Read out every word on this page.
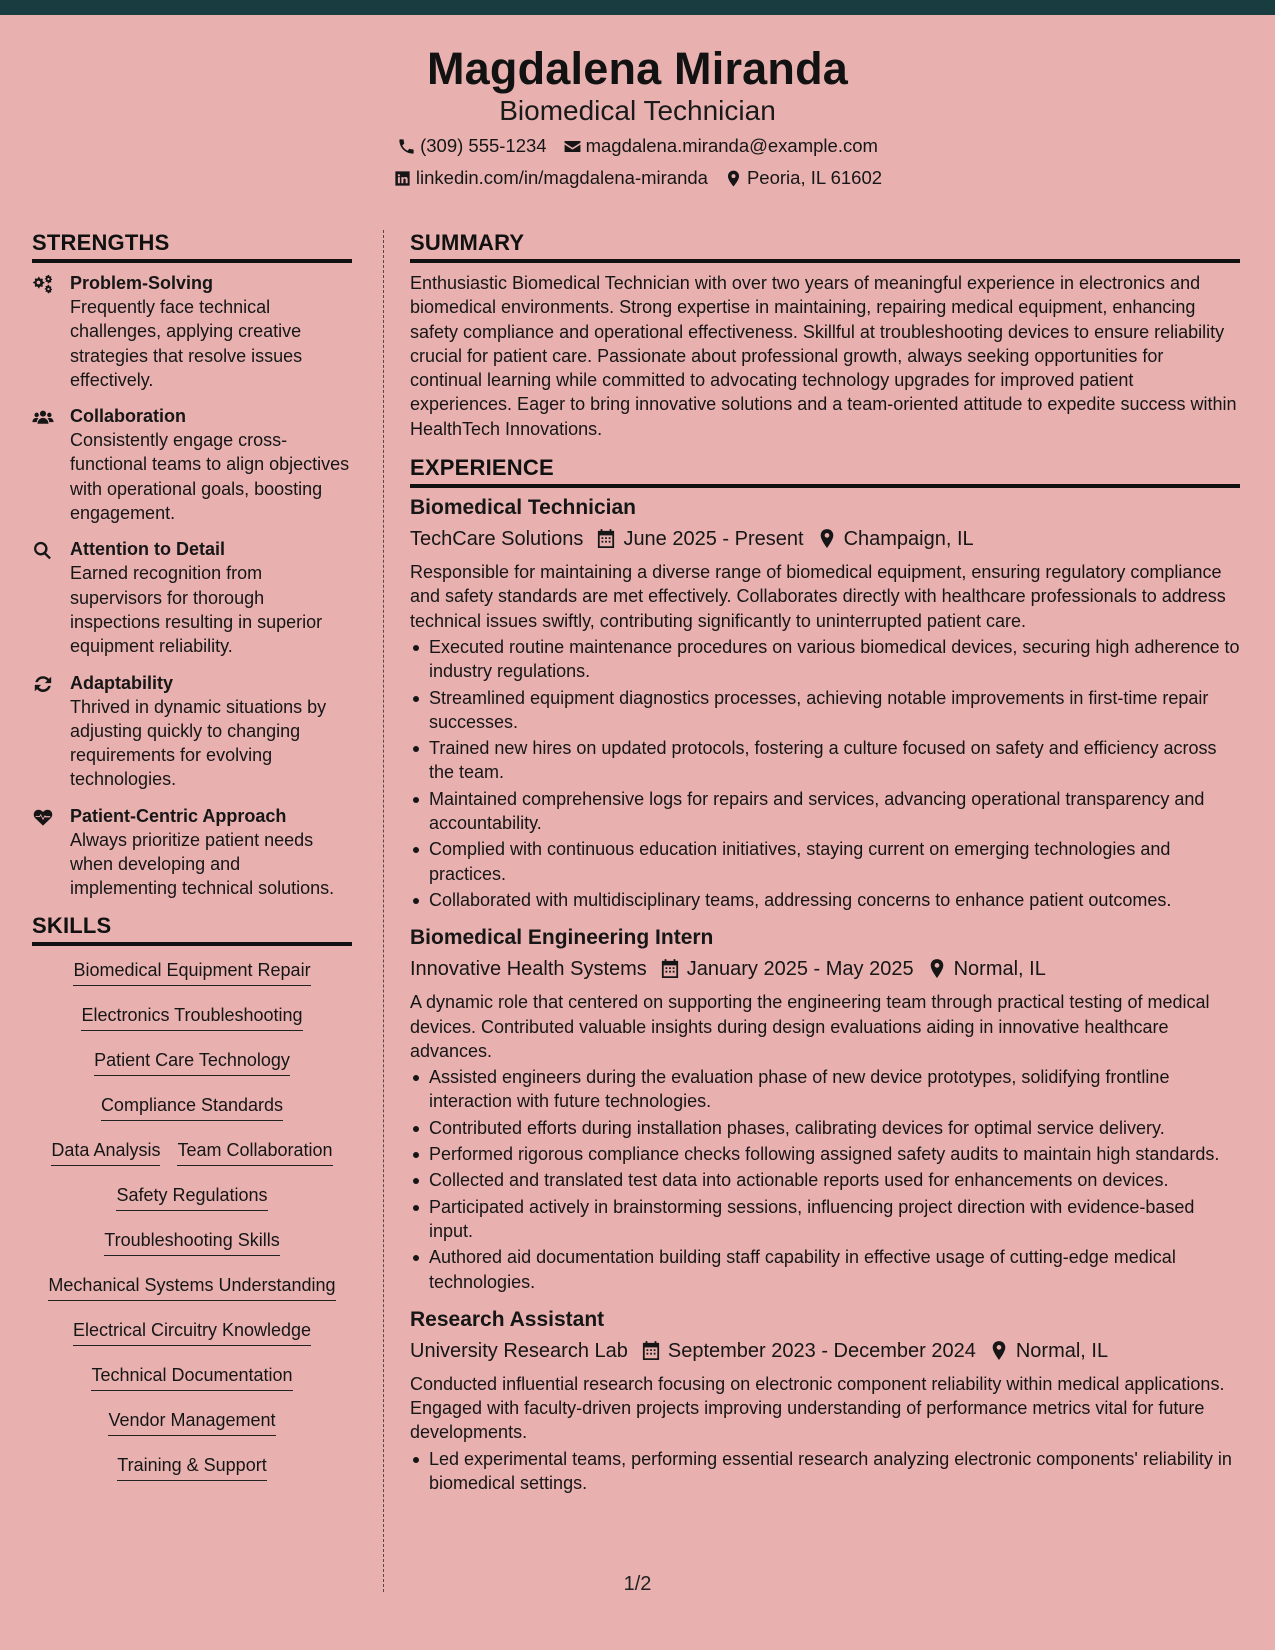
Magdalena Miranda
Biomedical Technician
(309) 555-1234 magdalena.miranda@example.com
linkedin.com/in/magdalena-miranda Peoria, IL 61602
STRENGTHS
Problem-Solving
Frequently face technical challenges, applying creative strategies that resolve issues effectively.
Collaboration
Consistently engage cross-functional teams to align objectives with operational goals, boosting engagement.
Attention to Detail
Earned recognition from supervisors for thorough inspections resulting in superior equipment reliability.
Adaptability
Thrived in dynamic situations by adjusting quickly to changing requirements for evolving technologies.
Patient-Centric Approach
Always prioritize patient needs when developing and implementing technical solutions.
SKILLS
Biomedical Equipment Repair
Electronics Troubleshooting
Patient Care Technology
Compliance Standards
Data Analysis Team Collaboration
Safety Regulations
Troubleshooting Skills
Mechanical Systems Understanding
Electrical Circuitry Knowledge
Technical Documentation
Vendor Management
Training & Support
SUMMARY

Enthusiastic Biomedical Technician with over two years of meaningful experience in electronics and biomedical environments. Strong expertise in maintaining, repairing medical equipment, enhancing safety compliance and operational effectiveness. Skillful at troubleshooting devices to ensure reliability crucial for patient care. Passionate about professional growth, always seeking opportunities for continual learning while committed to advocating technology upgrades for improved patient experiences. Eager to bring innovative solutions and a team-oriented attitude to expedite success within HealthTech Innovations.

EXPERIENCE
Biomedical Technician
TechCare Solutions June 2025 - Present Champaign, IL

Responsible for maintaining a diverse range of biomedical equipment, ensuring regulatory compliance and safety standards are met effectively. Collaborates directly with healthcare professionals to address technical issues swiftly, contributing significantly to uninterrupted patient care.

Executed routine maintenance procedures on various biomedical devices, securing high adherence to industry regulations.
Streamlined equipment diagnostics processes, achieving notable improvements in first-time repair successes.
Trained new hires on updated protocols, fostering a culture focused on safety and efficiency across the team.
Maintained comprehensive logs for repairs and services, advancing operational transparency and accountability.
Complied with continuous education initiatives, staying current on emerging technologies and practices.
Collaborated with multidisciplinary teams, addressing concerns to enhance patient outcomes.
Biomedical Engineering Intern
Innovative Health Systems January 2025 - May 2025 Normal, IL

A dynamic role that centered on supporting the engineering team through practical testing of medical devices. Contributed valuable insights during design evaluations aiding in innovative healthcare advances.

Assisted engineers during the evaluation phase of new device prototypes, solidifying frontline interaction with future technologies.
Contributed efforts during installation phases, calibrating devices for optimal service delivery.
Performed rigorous compliance checks following assigned safety audits to maintain high standards.
Collected and translated test data into actionable reports used for enhancements on devices.
Participated actively in brainstorming sessions, influencing project direction with evidence-based input.
Authored aid documentation building staff capability in effective usage of cutting-edge medical technologies.
Research Assistant
University Research Lab September 2023 - December 2024 Normal, IL

Conducted influential research focusing on electronic component reliability within medical applications. Engaged with faculty-driven projects improving understanding of performance metrics vital for future developments.

Led experimental teams, performing essential research analyzing electronic components' reliability in biomedical settings.
1/2
